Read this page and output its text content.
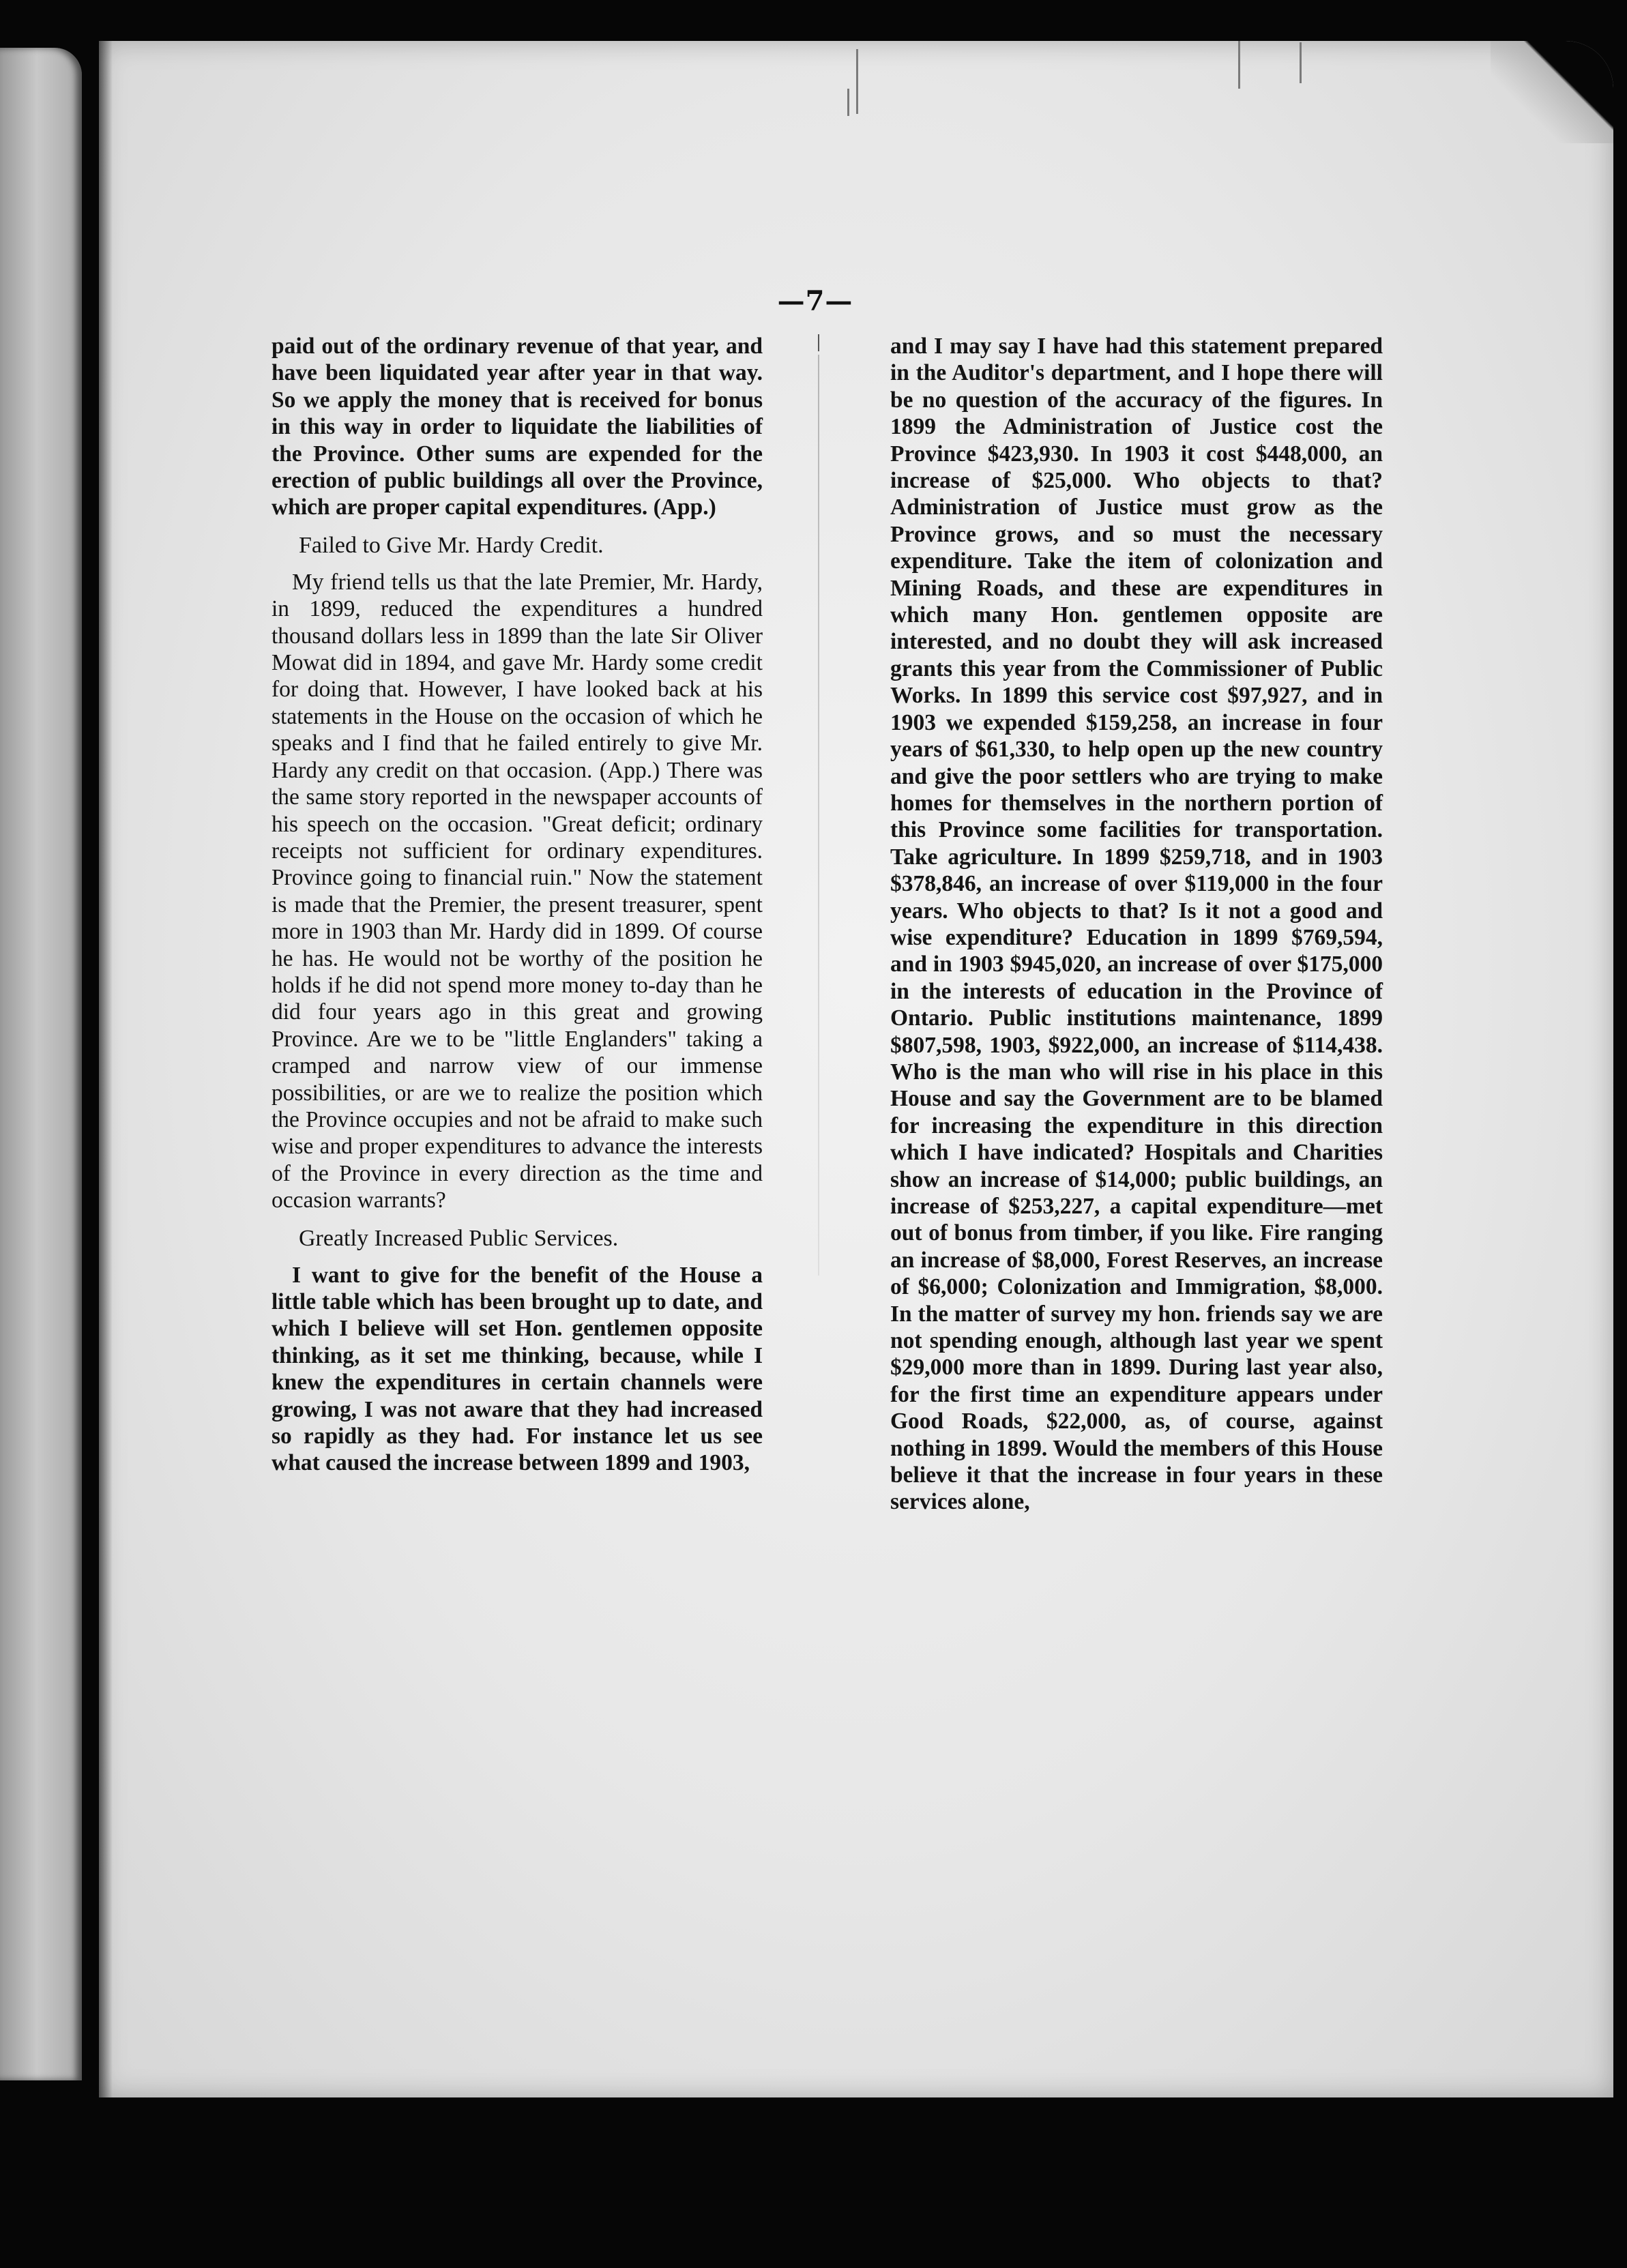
—7—

paid out of the ordinary revenue of that year, and have been liquidated year after year in that way. So we apply the money that is received for bonus in this way in order to liquidate the liabilities of the Province. Other sums are expended for the erection of public buildings all over the Province, which are proper capital expenditures. (App.)

Failed to Give Mr. Hardy Credit.

My friend tells us that the late Premier, Mr. Hardy, in 1899, reduced the expenditures a hundred thousand dollars less in 1899 than the late Sir Oliver Mowat did in 1894, and gave Mr. Hardy some credit for doing that. However, I have looked back at his statements in the House on the occasion of which he speaks and I find that he failed entirely to give Mr. Hardy any credit on that occasion. (App.) There was the same story reported in the newspaper accounts of his speech on the occasion. "Great deficit; ordinary receipts not sufficient for ordinary expenditures. Province going to financial ruin." Now the statement is made that the Premier, the present treasurer, spent more in 1903 than Mr. Hardy did in 1899. Of course he has. He would not be worthy of the position he holds if he did not spend more money to-day than he did four years ago in this great and growing Province. Are we to be "little Englanders" taking a cramped and narrow view of our immense possibilities, or are we to realize the position which the Province occupies and not be afraid to make such wise and proper expenditures to advance the interests of the Province in every direction as the time and occasion warrants?

Greatly Increased Public Services.

I want to give for the benefit of the House a little table which has been brought up to date, and which I believe will set Hon. gentlemen opposite thinking, as it set me thinking, because, while I knew the expenditures in certain channels were growing, I was not aware that they had increased so rapidly as they had. For instance let us see what caused the increase between 1899 and 1903,

and I may say I have had this statement prepared in the Auditor's department, and I hope there will be no question of the accuracy of the figures. In 1899 the Administration of Justice cost the Province $423,930. In 1903 it cost $448,000, an increase of $25,000. Who objects to that? Administration of Justice must grow as the Province grows, and so must the necessary expenditure. Take the item of colonization and Mining Roads, and these are expenditures in which many Hon. gentlemen opposite are interested, and no doubt they will ask increased grants this year from the Commissioner of Public Works. In 1899 this service cost $97,927, and in 1903 we expended $159,258, an increase in four years of $61,330, to help open up the new country and give the poor settlers who are trying to make homes for themselves in the northern portion of this Province some facilities for transportation. Take agriculture. In 1899 $259,718, and in 1903 $378,846, an increase of over $119,000 in the four years. Who objects to that? Is it not a good and wise expenditure? Education in 1899 $769,594, and in 1903 $945,020, an increase of over $175,000 in the interests of education in the Province of Ontario. Public institutions maintenance, 1899 $807,598, 1903, $922,000, an increase of $114,438. Who is the man who will rise in his place in this House and say the Government are to be blamed for increasing the expenditure in this direction which I have indicated? Hospitals and Charities show an increase of $14,000; public buildings, an increase of $253,227, a capital expenditure—met out of bonus from timber, if you like. Fire ranging an increase of $8,000, Forest Reserves, an increase of $6,000; Colonization and Immigration, $8,000. In the matter of survey my hon. friends say we are not spending enough, although last year we spent $29,000 more than in 1899. During last year also, for the first time an expenditure appears under Good Roads, $22,000, as, of course, against nothing in 1899. Would the members of this House believe it that the increase in four years in these services alone,
